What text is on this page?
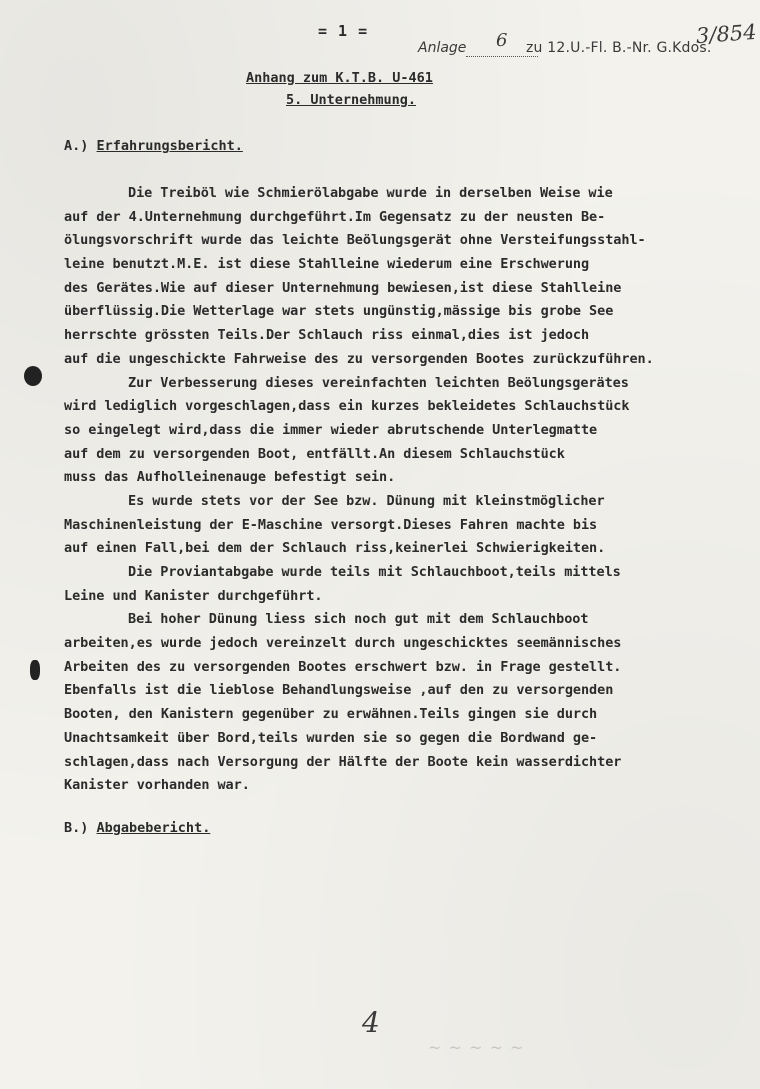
= 1 =
Anlage 6 zu 12.U.-Fl. B.-Nr. G.Kdos.
3/854
Anhang zum K.T.B. U-461
5. Unternehmung.
A.) Erfahrungsbericht.
Die Treiböl wie Schmierölabgabe wurde in derselben Weise wie
auf der 4.Unternehmung durchgeführt.Im Gegensatz zu der neusten Be-
ölungsvorschrift wurde das leichte Beölungsgerät ohne Versteifungsstahl-
leine benutzt.M.E. ist diese Stahlleine wiederum eine Erschwerung
des Gerätes.Wie auf dieser Unternehmung bewiesen,ist diese Stahlleine
überflüssig.Die Wetterlage war stets ungünstig,mässige bis grobe See
herrschte grössten Teils.Der Schlauch riss einmal,dies ist jedoch
auf die ungeschickte Fahrweise des zu versorgenden Bootes zurückzuführen.
Zur Verbesserung dieses vereinfachten leichten Beölungsgerätes
wird lediglich vorgeschlagen,dass ein kurzes bekleidetes Schlauchstück
so eingelegt wird,dass die immer wieder abrutschende Unterlegmatte
auf dem zu versorgenden Boot, entfällt.An diesem Schlauchstück
muss das Aufholleinenauge befestigt sein.
Es wurde stets vor der See bzw. Dünung mit kleinstmöglicher
Maschinenleistung der E-Maschine versorgt.Dieses Fahren machte bis
auf einen Fall,bei dem der Schlauch riss,keinerlei Schwierigkeiten.
Die Proviantabgabe wurde teils mit Schlauchboot,teils mittels
Leine und Kanister durchgeführt.
Bei hoher Dünung liess sich noch gut mit dem Schlauchboot
arbeiten,es wurde jedoch vereinzelt durch ungeschicktes seemännisches
Arbeiten des zu versorgenden Bootes erschwert bzw. in Frage gestellt.
Ebenfalls ist die lieblose Behandlungsweise ,auf den zu versorgenden
Booten, den Kanistern gegenüber zu erwähnen.Teils gingen sie durch
Unachtsamkeit über Bord,teils wurden sie so gegen die Bordwand ge-
schlagen,dass nach Versorgung der Hälfte der Boote kein wasserdichter
Kanister vorhanden war.
B.) Abgabebericht.
4
~ ~ ~ ~ ~
